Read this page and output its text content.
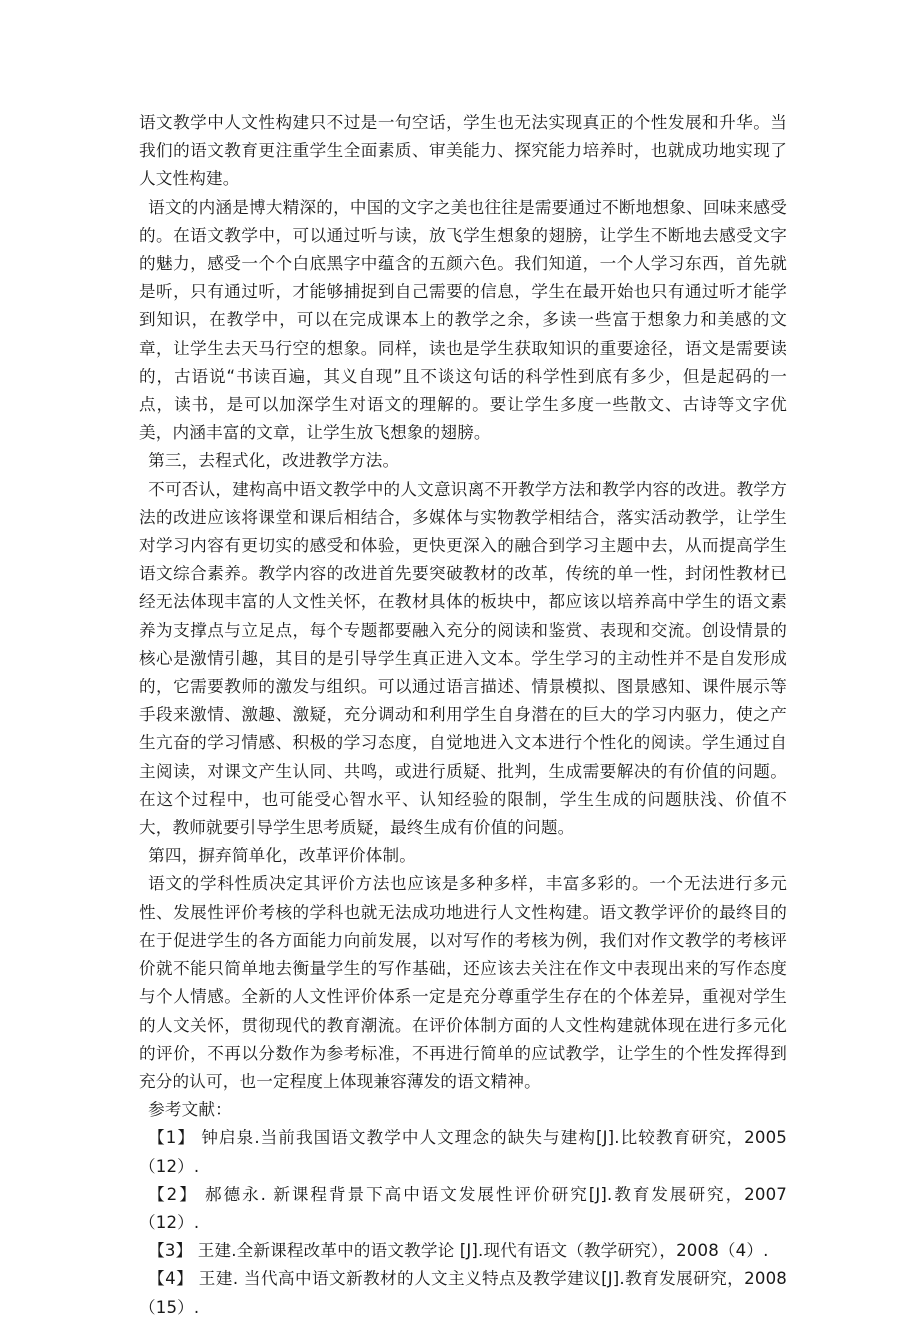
语文教学中人文性构建只不过是一句空话，学生也无法实现真正的个性发展和升华。当我们的语文教育更注重学生全面素质、审美能力、探究能力培养时，也就成功地实现了人文性构建。

语文的内涵是博大精深的，中国的文字之美也往往是需要通过不断地想象、回味来感受的。在语文教学中，可以通过听与读，放飞学生想象的翅膀，让学生不断地去感受文字的魅力，感受一个个白底黑字中蕴含的五颜六色。我们知道，一个人学习东西，首先就是听，只有通过听，才能够捕捉到自己需要的信息，学生在最开始也只有通过听才能学到知识，在教学中，可以在完成课本上的教学之余，多读一些富于想象力和美感的文章，让学生去天马行空的想象。同样，读也是学生获取知识的重要途径，语文是需要读的，古语说“书读百遍，其义自现”且不谈这句话的科学性到底有多少，但是起码的一点，读书，是可以加深学生对语文的理解的。要让学生多度一些散文、古诗等文字优美，内涵丰富的文章，让学生放飞想象的翅膀。

第三，去程式化，改进教学方法。

不可否认，建构高中语文教学中的人文意识离不开教学方法和教学内容的改进。教学方法的改进应该将课堂和课后相结合，多媒体与实物教学相结合，落实活动教学，让学生对学习内容有更切实的感受和体验，更快更深入的融合到学习主题中去，从而提高学生语文综合素养。教学内容的改进首先要突破教材的改革，传统的单一性，封闭性教材已经无法体现丰富的人文性关怀，在教材具体的板块中，都应该以培养高中学生的语文素养为支撑点与立足点，每个专题都要融入充分的阅读和鉴赏、表现和交流。创设情景的核心是激情引趣，其目的是引导学生真正进入文本。学生学习的主动性并不是自发形成的，它需要教师的激发与组织。可以通过语言描述、情景模拟、图景感知、课件展示等手段来激情、激趣、激疑，充分调动和利用学生自身潜在的巨大的学习内驱力，使之产生亢奋的学习情感、积极的学习态度，自觉地进入文本进行个性化的阅读。学生通过自主阅读，对课文产生认同、共鸣，或进行质疑、批判，生成需要解决的有价值的问题。在这个过程中，也可能受心智水平、认知经验的限制，学生生成的问题肤浅、价值不大，教师就要引导学生思考质疑，最终生成有价值的问题。

第四，摒弃简单化，改革评价体制。

语文的学科性质决定其评价方法也应该是多种多样，丰富多彩的。一个无法进行多元性、发展性评价考核的学科也就无法成功地进行人文性构建。语文教学评价的最终目的在于促进学生的各方面能力向前发展，以对写作的考核为例，我们对作文教学的考核评价就不能只简单地去衡量学生的写作基础，还应该去关注在作文中表现出来的写作态度与个人情感。全新的人文性评价体系一定是充分尊重学生存在的个体差异，重视对学生的人文关怀，贯彻现代的教育潮流。在评价体制方面的人文性构建就体现在进行多元化的评价，不再以分数作为参考标准，不再进行简单的应试教学，让学生的个性发挥得到充分的认可，也一定程度上体现兼容薄发的语文精神。

参考文献：

【1】 钟启泉.当前我国语文教学中人文理念的缺失与建构[J].比较教育研究，2005（12）.

【2】 郝德永. 新课程背景下高中语文发展性评价研究[J].教育发展研究，2007（12）.

【3】 王建.全新课程改革中的语文教学论 [J].现代有语文（教学研究），2008（4）.

【4】 王建. 当代高中语文新教材的人文主义特点及教学建议[J].教育发展研究，2008（15）.
